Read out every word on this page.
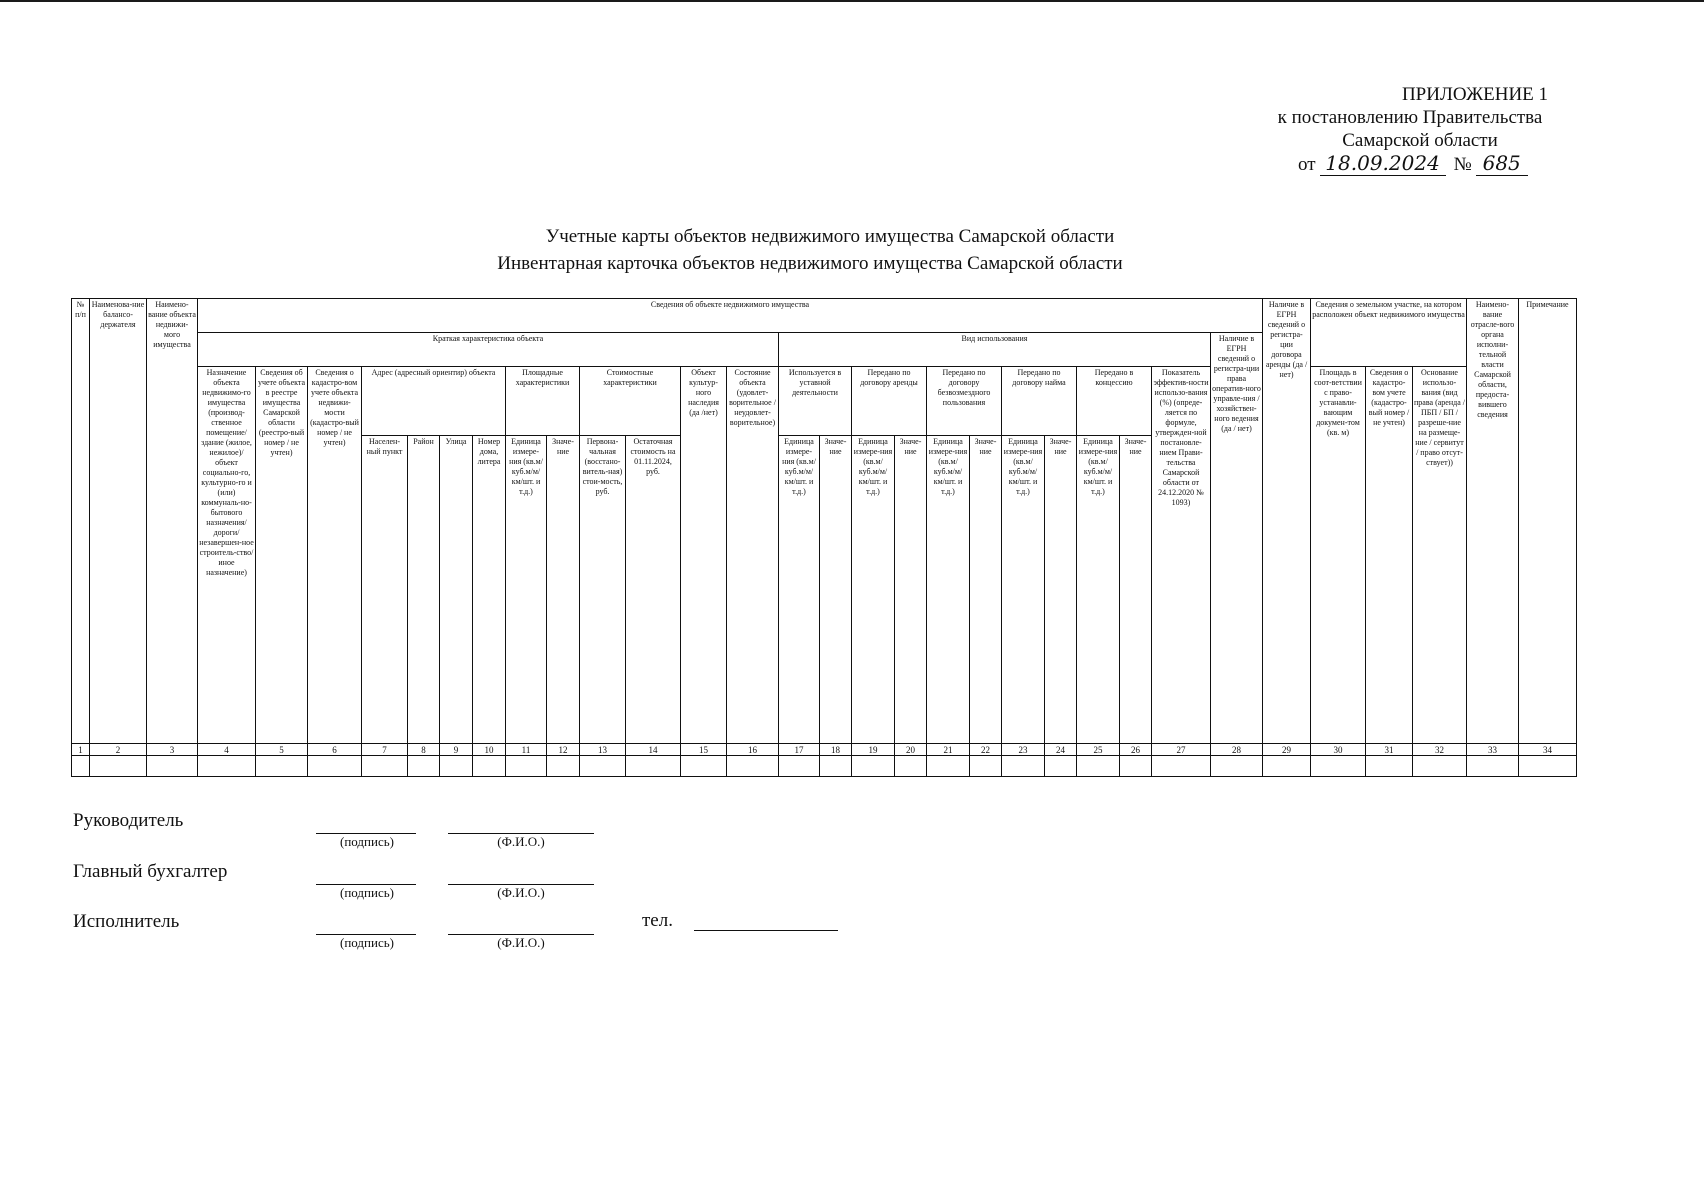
ПРИЛОЖЕНИЕ 1
к постановлению Правительства
Самарской области
от 18.09.2024 № 685
Учетные карты объектов недвижимого имущества Самарской области
Инвентарная карточка объектов недвижимого имущества Самарской области
№ п/п	Наименова-ние балансо-держателя	Наимено-вание объекта недвижи-мого имущества	Сведения об объекте недвижимого имущества																									Наличие в ЕГРН сведений о регистра-ции договора аренды (да / нет)	Сведения о земельном участке, на котором расположен объект недвижимого имущества			Наимено-вание отрасле-вого органа исполни-тельной власти Самарской области, предоста-вившего сведения	Примечание
			Краткая характеристика объекта													Вид использования											Наличие в ЕГРН сведений о регистра-ции права оператив-ного управле-ния / хозяйствен-ного ведения (да / нет)						
			Назначение объекта недвижимо-го имущества (производ-ственное помещение/ здание (жилое, нежилое)/ объект социально-го, культурно-го и (или) коммуналь-но-бытового назначения/ дороги/ незавершен-ное строитель-ство/ иное назначение)	Сведения об учете объекта в реестре имущества Самарской области (реестро-вый номер / не учтен)	Сведения о кадастро-вом учете объекта недвижи-мости (кадастро-вый номер / не учтен)	Адрес (адресный ориентир) объекта				Площадные характеристики		Стоимостные характеристики		Объект культур-ного наследия (да /нет)	Состояние объекта (удовлет-ворительное / неудовлет-ворительное)	Используется в уставной деятельности		Передано по договору аренды		Передано по договору безвозмездного пользования		Передано по договору найма		Передано в концессию		Показатель эффектив-ности использо-вания (%) (опреде-ляется по формуле, утвержден-ной постановле-нием Прави-тельства Самарской области от 24.12.2020 № 1093)			Площадь в соот-ветствии с право-устанавли-вающим докумен-том (кв. м)	Сведения о кадастро-вом учете (кадастро-вый номер / не учтен)	Основание использо-вания (вид права (аренда / ПБП / БП / разреше-ние на размеще-ние / сервитут / право отсут-ствует))		
						Населен-ный пункт	Район	Улица	Номер дома, литера	Единица измере-ния (кв.м/ куб.м/м/ км/шт. и т.д.)	Значе-ние	Первона-чальная (восстано-витель-ная) стои-мость, руб.	Остаточная стоимость на 01.11.2024, руб.			Единица измере-ния (кв.м/ куб.м/м/ км/шт. и т.д.)	Значе-ние	Единица измере-ния (кв.м/ куб.м/м/ км/шт. и т.д.)	Значе-ние	Единица измере-ния (кв.м/ куб.м/м/ км/шт. и т.д.)	Значе-ние	Единица измере-ния (кв.м/ куб.м/м/ км/шт. и т.д.)	Значе-ние	Единица измере-ния (кв.м/ куб.м/м/ км/шт. и т.д.)	Значе-ние								
1	2	3	4	5	6	7	8	9	10	11	12	13	14	15	16	17	18	19	20	21	22	23	24	25	26	27	28	29	30	31	32	33	34

Руководитель
(подпись)	(Ф.И.О.)
Главный бухгалтер
(подпись)	(Ф.И.О.)
Исполнитель
(подпись)	(Ф.И.О.)
тел.
